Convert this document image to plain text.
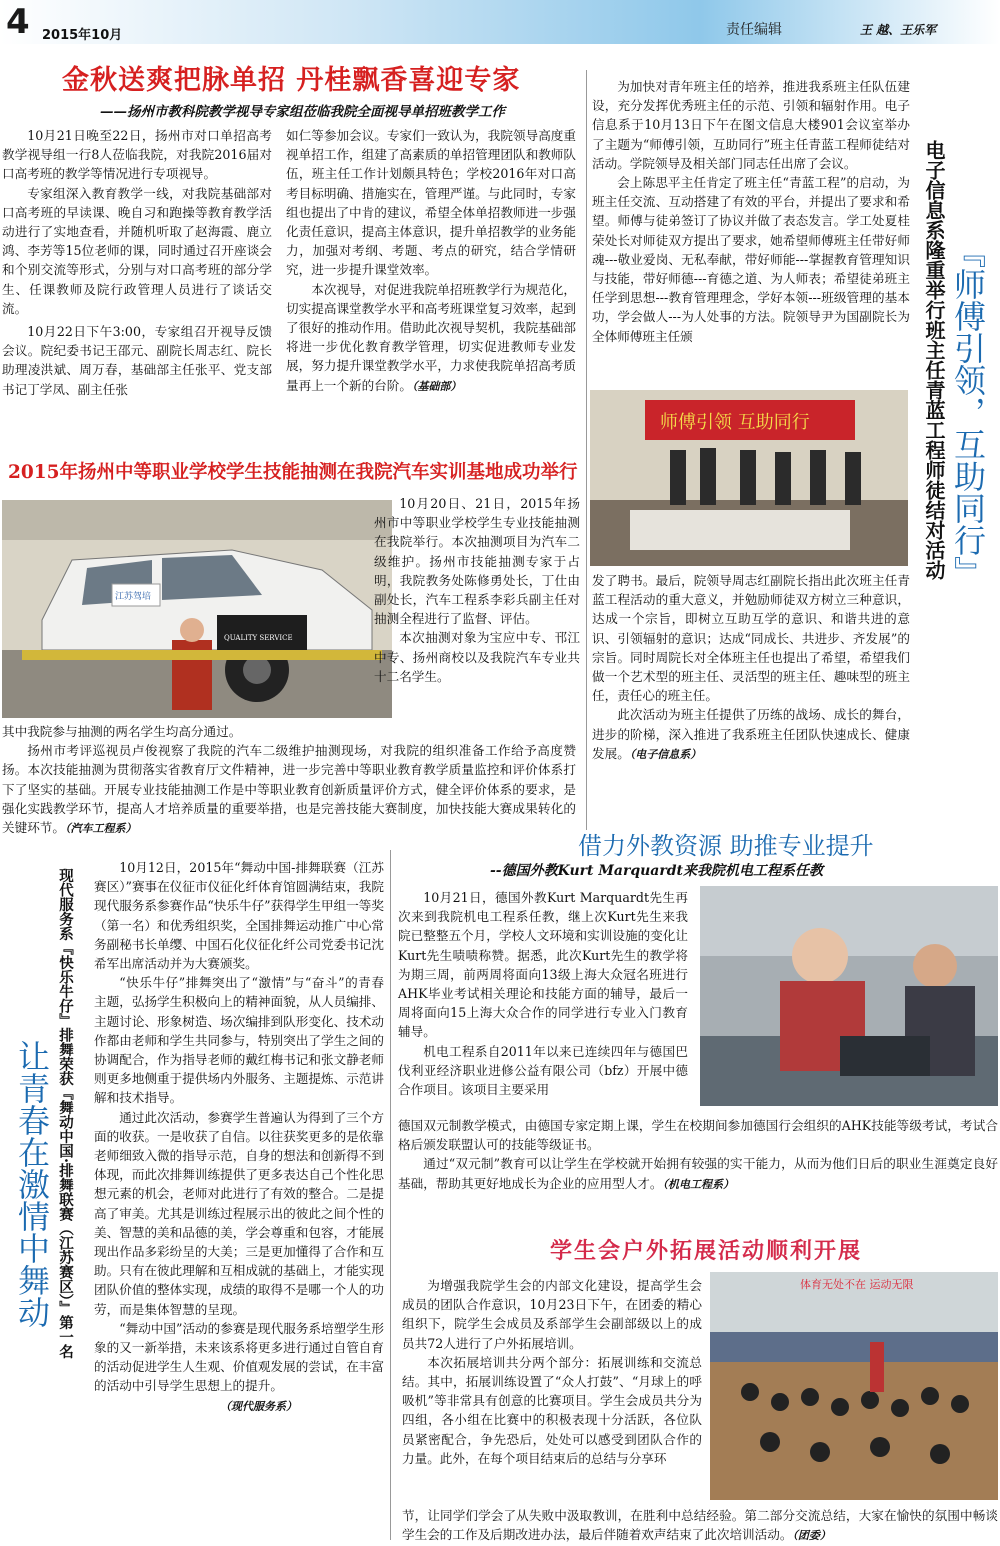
4 2015年10月	责任编辑	王 越、王乐军
金秋送爽把脉单招 丹桂飘香喜迎专家
——扬州市教科院教学视导专家组莅临我院全面视导单招班教学工作

10月21日晚至22日，扬州市对口单招高考教学视导组一行8人莅临我院，对我院2016届对口高考班的教学等情况进行专项视导。

专家组深入教育教学一线，对我院基础部对口高考班的早读课、晚自习和跑操等教育教学活动进行了实地查看，并随机听取了赵海霞、鹿立鸿、李芳等15位老师的课，同时通过召开座谈会和个别交流等形式，分别与对口高考班的部分学生、任课教师及院行政管理人员进行了谈话交流。

10月22日下午3:00，专家组召开视导反馈会议。院纪委书记王邵元、副院长周志红、院长助理凌洪斌、周万春，基础部主任张平、党支部书记丁学凤、副主任张

如仁等参加会议。专家们一致认为，我院领导高度重视单招工作，组建了高素质的单招管理团队和教师队伍，班主任工作计划颇具特色；学校2016年对口高考目标明确、措施实在，管理严谨。与此同时，专家组也提出了中肯的建议，希望全体单招教师进一步强化责任意识，提高主体意识，提升单招教学的业务能力，加强对考纲、考题、考点的研究，结合学情研究，进一步提升课堂效率。

本次视导，对促进我院单招班教学行为规范化，切实提高课堂教学水平和高考班课堂复习效率，起到了很好的推动作用。借助此次视导契机，我院基础部将进一步优化教育教学管理，切实促进教师专业发展，努力提升课堂教学水平，力求使我院单招高考质量再上一个新的台阶。（基础部）

2015年扬州中等职业学校学生技能抽测在我院汽车实训基地成功举行
江苏驾培
QUALITY SERVICE

10月20日、21日，2015年扬州市中等职业学校学生专业技能抽测在我院举行。本次抽测项目为汽车二级维护。扬州市技能抽测专家于占明，我院教务处陈修勇处长，丁仕由副处长，汽车工程系李彩兵副主任对抽测全程进行了监督、评估。

本次抽测对象为宝应中专、邗江中专、扬州商校以及我院汽车专业共十二名学生。

其中我院参与抽测的两名学生均高分通过。

扬州市考评巡视员卢俊视察了我院的汽车二级维护抽测现场，对我院的组织准备工作给予高度赞扬。本次技能抽测为贯彻落实省教育厅文件精神，进一步完善中等职业教育教学质量监控和评价体系打下了坚实的基础。开展专业技能抽测工作是中等职业教育创新质量评价方式，健全评价体系的要求，是强化实践教学环节，提高人才培养质量的重要举措，也是完善技能大赛制度，加快技能大赛成果转化的关键环节。（汽车工程系）

为加快对青年班主任的培养，推进我系班主任队伍建设，充分发挥优秀班主任的示范、引领和辐射作用。电子信息系于10月13日下午在图文信息大楼901会议室举办了主题为“师傅引领，互助同行”班主任青蓝工程师徒结对活动。学院领导及相关部门同志任出席了会议。

会上陈思平主任肯定了班主任“青蓝工程”的启动，为班主任交流、互动搭建了有效的平台，并提出了要求和希望。师傅与徒弟签订了协议并做了表态发言。学工处夏桂荣处长对师徒双方提出了要求，她希望师傅班主任带好师魂---敬业爱岗、无私奉献，带好师能---掌握教育管理知识与技能，带好师德---育德之道、为人师表；希望徒弟班主任学到思想---教育管理理念，学好本领---班级管理的基本功，学会做人---为人处事的方法。院领导尹为国副院长为全体师傅班主任颁	电子信息系隆重举行班主任青蓝工程师徒结对活动 『师傅引领，互助同行』
师傅引领 互助同行

发了聘书。最后，院领导周志红副院长指出此次班主任青蓝工程活动的重大意义，并勉励师徒双方树立三种意识，达成一个宗旨，即树立互助互学的意识、和谐共进的意识、引领辐射的意识；达成“同成长、共进步、齐发展”的宗旨。同时周院长对全体班主任也提出了希望，希望我们做一个艺术型的班主任、灵活型的班主任、趣味型的班主任，责任心的班主任。

此次活动为班主任提供了历练的战场、成长的舞台，进步的阶梯，深入推进了我系班主任团队快速成长、健康发展。（电子信息系）

现代服务系『快乐牛仔』排舞荣获『舞动中国·排舞联赛（江苏赛区）』第一名
让青春在激情中舞动

10月12日，2015年“舞动中国-排舞联赛（江苏赛区）”赛事在仪征市仪征化纤体育馆圆满结束，我院现代服务系参赛作品“快乐牛仔”获得学生甲组一等奖（第一名）和优秀组织奖，全国排舞运动推广中心常务副秘书长单缨、中国石化仪征化纤公司党委书记沈希军出席活动并为大赛颁奖。

“快乐牛仔”排舞突出了“激情”与“奋斗”的青春主题，弘扬学生积极向上的精神面貌，从人员编排、主题讨论、形象树造、场次编排到队形变化、技术动作都由老师和学生共同参与，特别突出了学生之间的协调配合，作为指导老师的戴红梅书记和张文静老师则更多地侧重于提供场内外服务、主题提炼、示范讲解和技术指导。

通过此次活动，参赛学生普遍认为得到了三个方面的收获。一是收获了自信。以往获奖更多的是依靠老师细致入微的指导示范，自身的想法和创新得不到体现，而此次排舞训练提供了更多表达自己个性化思想元素的机会，老师对此进行了有效的整合。二是提高了审美。尤其是训练过程展示出的彼此之间个性的美、智慧的美和品德的美，学会尊重和包容，才能展现出作品多彩纷呈的大美；三是更加懂得了合作和互助。只有在彼此理解和互相成就的基础上，才能实现团队价值的整体实现，成绩的取得不是哪一个人的功劳，而是集体智慧的呈现。

“舞动中国”活动的参赛是现代服务系培塑学生形象的又一新举措，未来该系将更多进行通过自管自育的活动促进学生人生观、价值观发展的尝试，在丰富的活动中引导学生思想上的提升。

（现代服务系）

借力外教资源 助推专业提升
--德国外教Kurt Marquardt来我院机电工程系任教

10月21日，德国外教Kurt Marquardt先生再次来到我院机电工程系任教，继上次Kurt先生来我院已整整五个月，学校人文环境和实训设施的变化让Kurt先生啧啧称赞。据悉，此次Kurt先生的教学将为期三周，前两周将面向13级上海大众冠名班进行AHK毕业考试相关理论和技能方面的辅导，最后一周将面向15上海大众合作的同学进行专业入门教育辅导。

机电工程系自2011年以来已连续四年与德国巴伐利亚经济职业进修公益有限公司（bfz）开展中德合作项目。该项目主要采用

德国双元制教学模式，由德国专家定期上课，学生在校期间参加德国行会组织的AHK技能等级考试，考试合格后颁发联盟认可的技能等级证书。

通过“双元制”教育可以让学生在学校就开始拥有较强的实干能力，从而为他们日后的职业生涯奠定良好基础，帮助其更好地成长为企业的应用型人才。（机电工程系）

学生会户外拓展活动顺利开展

为增强我院学生会的内部文化建设，提高学生会成员的团队合作意识，10月23日下午，在团委的精心组织下，院学生会成员及系部学生会副部级以上的成员共72人进行了户外拓展培训。

本次拓展培训共分两个部分：拓展训练和交流总结。其中，拓展训练设置了“众人打鼓”、“月球上的呼吸机”等非常具有创意的比赛项目。学生会成员共分为四组，各小组在比赛中的积极表现十分活跃，各位队员紧密配合，争先恐后，处处可以感受到团队合作的力量。此外，在每个项目结束后的总结与分享环

体育无处不在 运动无限

节，让同学们学会了从失败中汲取教训，在胜利中总结经验。第二部分交流总结，大家在愉快的氛围中畅谈学生会的工作及后期改进办法，最后伴随着欢声结束了此次培训活动。（团委）
